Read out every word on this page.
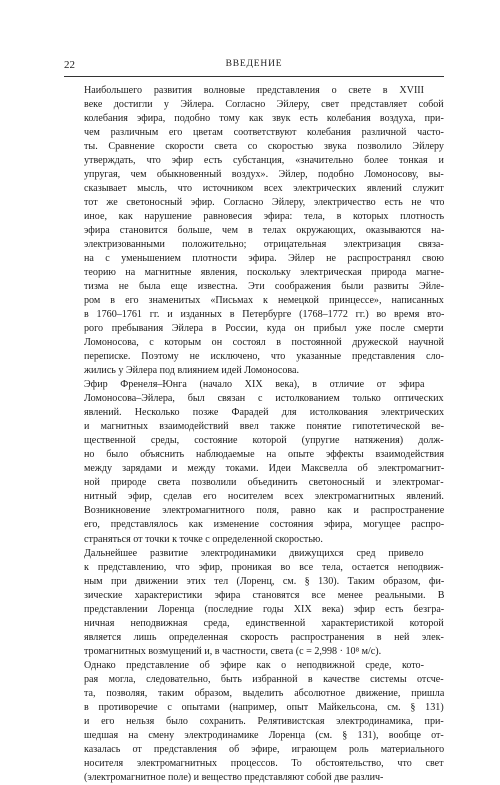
22	ВВЕДЕНИЕ
Наибольшего развития волновые представления о свете в XVIII
веке достигли у Эйлера. Согласно Эйлеру, свет представляет собой
колебания эфира, подобно тому как звук есть колебания воздуха, при-
чем различным его цветам соответствуют колебания различной часто-
ты. Сравнение скорости света со скоростью звука позволило Эйлеру
утверждать, что эфир есть субстанция, «значительно более тонкая и
упругая, чем обыкновенный воздух». Эйлер, подобно Ломоносову, вы-
сказывает мысль, что источником всех электрических явлений служит
тот же светоносный эфир. Согласно Эйлеру, электричество есть не что
иное, как нарушение равновесия эфира: тела, в которых плотность
эфира становится больше, чем в телах окружающих, оказываются на-
электризованными положительно; отрицательная электризация связа-
на с уменьшением плотности эфира. Эйлер не распространял свою
теорию на магнитные явления, поскольку электрическая природа магне-
тизма не была еще известна. Эти соображения были развиты Эйле-
ром в его знаменитых «Письмах к немецкой принцессе», написанных
в 1760–1761 гг. и изданных в Петербурге (1768–1772 гг.) во время вто-
рого пребывания Эйлера в России, куда он прибыл уже после смерти
Ломоносова, с которым он состоял в постоянной дружеской научной
переписке. Поэтому не исключено, что указанные представления сло-
жились у Эйлера под влиянием идей Ломоносова.
Эфир Френеля–Юнга (начало XIX века), в отличие от эфира
Ломоносова–Эйлера, был связан с истолкованием только оптических
явлений. Несколько позже Фарадей для истолкования электрических
и магнитных взаимодействий ввел также понятие гипотетической ве-
щественной среды, состояние которой (упругие натяжения) долж-
но было объяснить наблюдаемые на опыте эффекты взаимодействия
между зарядами и между токами. Идеи Максвелла об электромагнит-
ной природе света позволили объединить светоносный и электромаг-
нитный эфир, сделав его носителем всех электромагнитных явлений.
Возникновение электромагнитного поля, равно как и распространение
его, представлялось как изменение состояния эфира, могущее распро-
страняться от точки к точке с определенной скоростью.
Дальнейшее развитие электродинамики движущихся сред привело
к представлению, что эфир, проникая во все тела, остается неподвиж-
ным при движении этих тел (Лоренц, см. § 130). Таким образом, фи-
зические характеристики эфира становятся все менее реальными. В
представлении Лоренца (последние годы XIX века) эфир есть безгра-
ничная неподвижная среда, единственной характеристикой которой
является лишь определенная скорость распространения в ней элек-
тромагнитных возмущений и, в частности, света (c = 2,998 · 10⁸ м/с).
Однако представление об эфире как о неподвижной среде, кото-
рая могла, следовательно, быть избранной в качестве системы отсче-
та, позволяя, таким образом, выделить абсолютное движение, пришла
в противоречие с опытами (например, опыт Майкельсона, см. § 131)
и его нельзя было сохранить. Релятивистская электродинамика, при-
шедшая на смену электродинамике Лоренца (см. § 131), вообще от-
казалась от представления об эфире, играющем роль материального
носителя электромагнитных процессов. То обстоятельство, что свет
(электромагнитное поле) и вещество представляют собой две различ-
